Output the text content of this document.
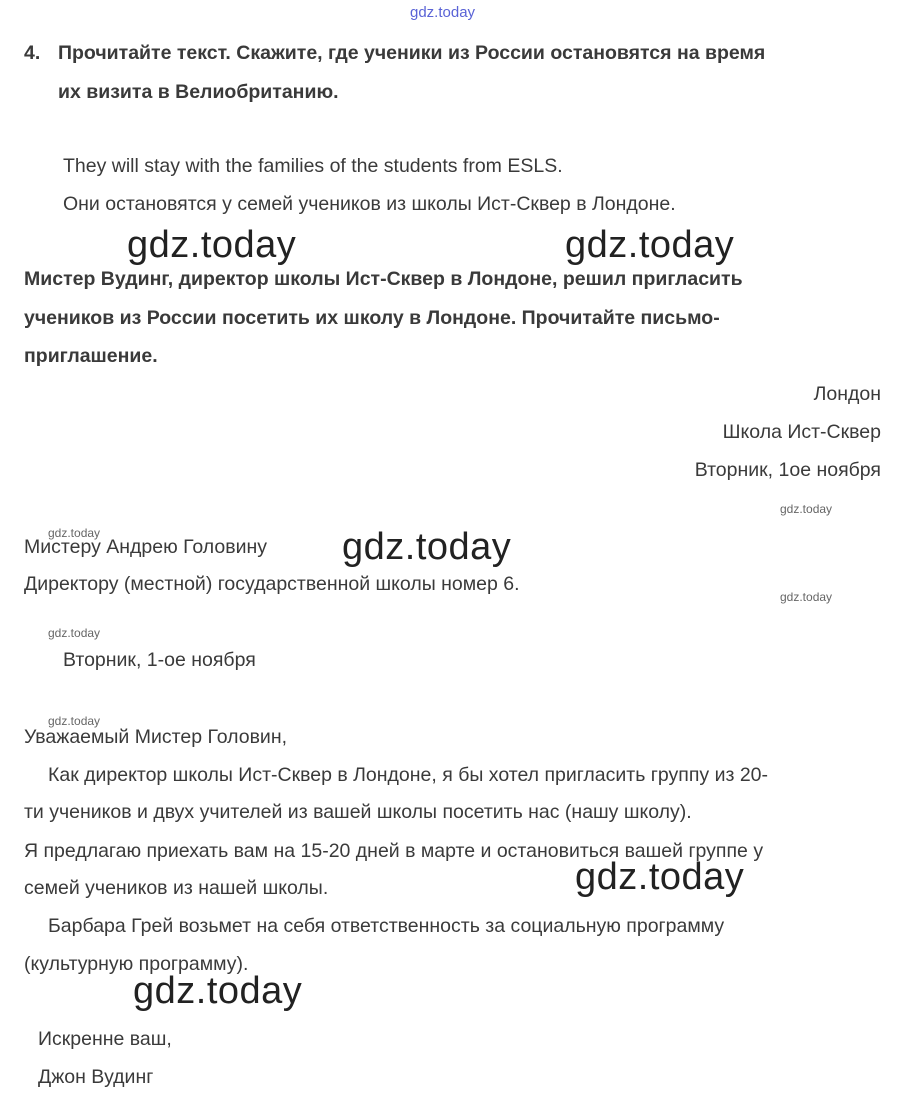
gdz.today
4. Прочитайте текст. Скажите, где ученики из России остановятся на время
их визита в Велиобританию.
They will stay with the families of the students from ESLS.
Они остановятся у семей учеников из школы Ист-Сквер в Лондоне.
gdz.today	gdz.today
Мистер Вудинг, директор школы Ист-Сквер в Лондоне, решил пригласить
учеников из России посетить их школу в Лондоне. Прочитайте письмо-
приглашение.
Лондон
Школа Ист-Сквер
Вторник, 1ое ноября
gdz.today
gdz.today
Мистеру Андрею Головину gdz.today
Директору (местной) государственной школы номер 6.
gdz.today
gdz.today
Вторник, 1-ое ноября
gdz.today
Уважаемый Мистер Головин,
Как директор школы Ист-Сквер в Лондоне, я бы хотел пригласить группу из 20-
ти учеников и двух учителей из вашей школы посетить нас (нашу школу).
Я предлагаю приехать вам на 15-20 дней в марте и остановиться вашей группе у
семей учеников из нашей школы.	gdz.today
Барбара Грей возьмет на себя ответственность за социальную программу
(культурную программу).
gdz.today
Искренне ваш,
Джон Вудинг
